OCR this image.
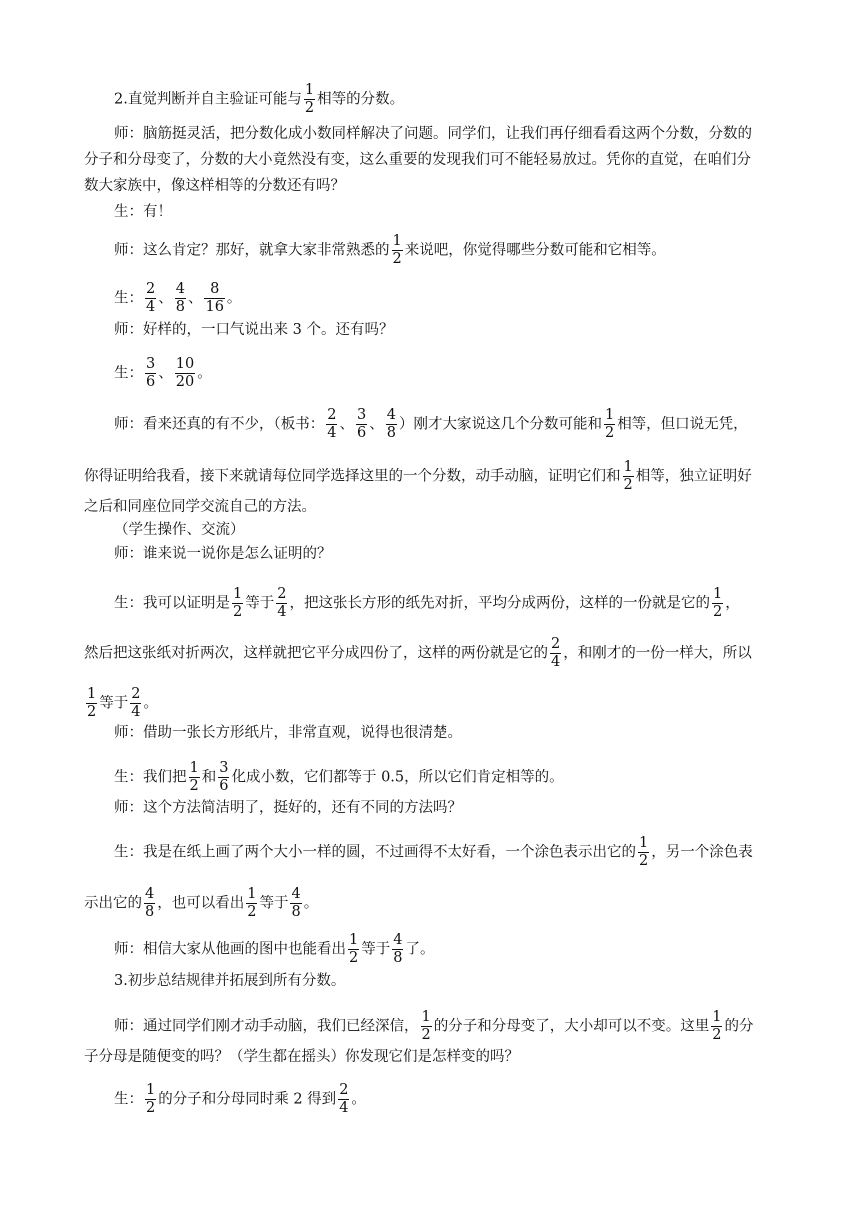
2.直觉判断并自主验证可能与 $\frac{1}{2}$ 相等的分数。
师：脑筋挺灵活，把分数化成小数同样解决了问题。同学们，让我们再仔细看看这两个分数，分数的
分子和分母变了，分数的大小竟然没有变，这么重要的发现我们可不能轻易放过。凭你的直觉，在咱们分
数大家族中，像这样相等的分数还有吗？
生：有！
师：这么肯定？那好，就拿大家非常熟悉的 $\frac{1}{2}$ 来说吧，你觉得哪些分数可能和它相等。
生： $\frac{2}{4}$ 、 $\frac{4}{8}$ 、 $\frac{8}{16}$ 。
师：好样的，一口气说出来 3 个。还有吗？
生： $\frac{3}{6}$ 、 $\frac{10}{20}$ 。
师：看来还真的有不少，（板书： $\frac{2}{4}$ 、 $\frac{3}{6}$ 、 $\frac{4}{8}$ ）刚才大家说这几个分数可能和 $\frac{1}{2}$ 相等，但口说无凭，
你得证明给我看，接下来就请每位同学选择这里的一个分数，动手动脑，证明它们和 $\frac{1}{2}$ 相等，独立证明好
之后和同座位同学交流自己的方法。
（学生操作、交流）
师：谁来说一说你是怎么证明的？
生：我可以证明是 $\frac{1}{2}$ 等于 $\frac{2}{4}$ ，把这张长方形的纸先对折，平均分成两份，这样的一份就是它的 $\frac{1}{2}$ ，
然后把这张纸对折两次，这样就把它平分成四份了，这样的两份就是它的 $\frac{2}{4}$ ，和刚才的一份一样大，所以
$\frac{1}{2}$ 等于 $\frac{2}{4}$ 。
师：借助一张长方形纸片，非常直观，说得也很清楚。
生：我们把 $\frac{1}{2}$ 和 $\frac{3}{6}$ 化成小数，它们都等于 0.5，所以它们肯定相等的。
师：这个方法简洁明了，挺好的，还有不同的方法吗？
生：我是在纸上画了两个大小一样的圆，不过画得不太好看，一个涂色表示出它的 $\frac{1}{2}$ ，另一个涂色表
示出它的 $\frac{4}{8}$ ，也可以看出 $\frac{1}{2}$ 等于 $\frac{4}{8}$ 。
师：相信大家从他画的图中也能看出 $\frac{1}{2}$ 等于 $\frac{4}{8}$ 了。
3.初步总结规律并拓展到所有分数。
师：通过同学们刚才动手动脑，我们已经深信， $\frac{1}{2}$ 的分子和分母变了，大小却可以不变。这里 $\frac{1}{2}$ 的分
子分母是随便变的吗？（学生都在摇头）你发现它们是怎样变的吗？
生： $\frac{1}{2}$ 的分子和分母同时乘 2 得到 $\frac{2}{4}$ 。
